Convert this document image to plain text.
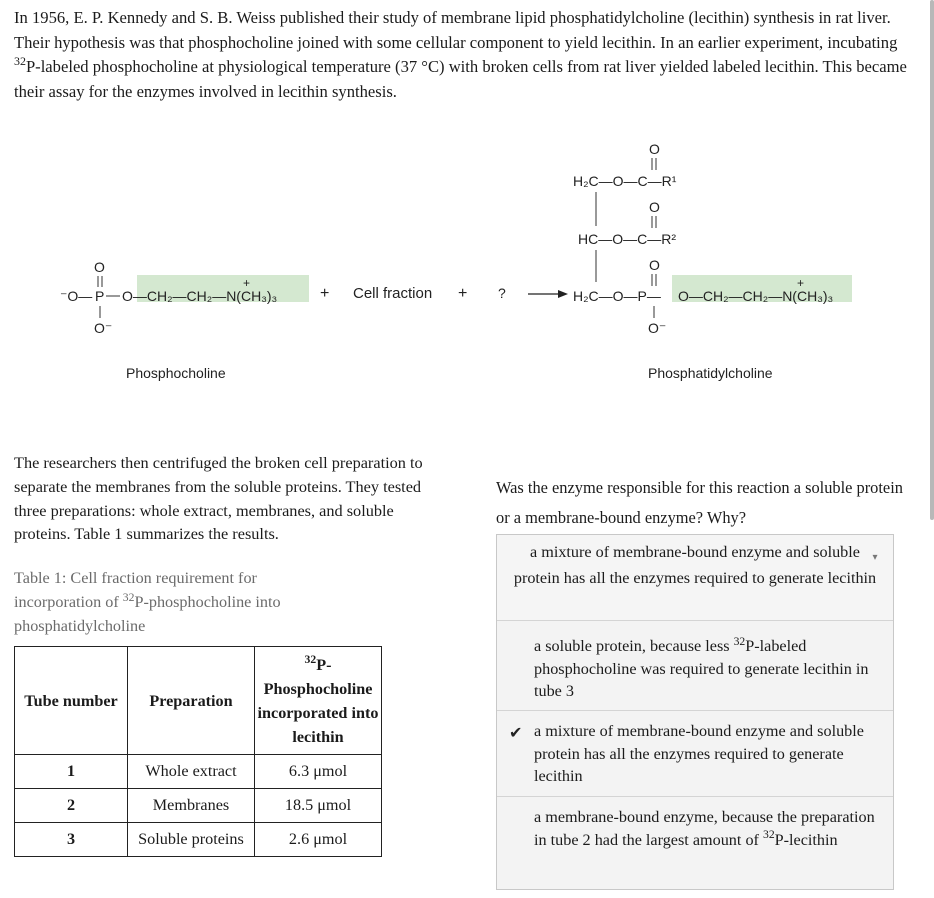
In 1956, E. P. Kennedy and S. B. Weiss published their study of membrane lipid phosphatidylcholine (lecithin) synthesis in rat liver. Their hypothesis was that phosphocholine joined with some cellular component to yield lecithin. In an earlier experiment, incubating $^{32}$P-labeled phosphocholine at physiological temperature (37 °C) with broken cells from rat liver yielded labeled lecithin. This became their assay for the enzymes involved in lecithin synthesis.

O
⁻O— P O—CH₂—CH₂—N(CH₃)₃
+
O⁻
Phosphocholine
+ Cell fraction + ?
O
H₂C—O—C—R¹
O
HC—O—C—R²
O
H₂C—O—P— O—CH₂—CH₂—N(CH₃)₃
+
O⁻
Phosphatidylcholine

The researchers then centrifuged the broken cell preparation to separate the membranes from the soluble proteins. They tested three preparations: whole extract, membranes, and soluble proteins. Table 1 summarizes the results.

Table 1: Cell fraction requirement for incorporation of $^{32}$P-phosphocholine into phosphatidylcholine

Tube number	Preparation	$^{32}$P-Phosphocholine incorporated into lecithin
1	Whole extract	6.3 μmol
2	Membranes	18.5 μmol
3	Soluble proteins	2.6 μmol

Was the enzyme responsible for this reaction a soluble protein or a membrane-bound enzyme? Why?

a mixture of membrane-bound enzyme and soluble protein has all the enzymes required to generate lecithin
▾
a soluble protein, because less $^{32}$P-labeled phosphocholine was required to generate lecithin in tube 3
✔ a mixture of membrane-bound enzyme and soluble protein has all the enzymes required to generate lecithin
a membrane-bound enzyme, because the preparation in tube 2 had the largest amount of $^{32}$P-lecithin
